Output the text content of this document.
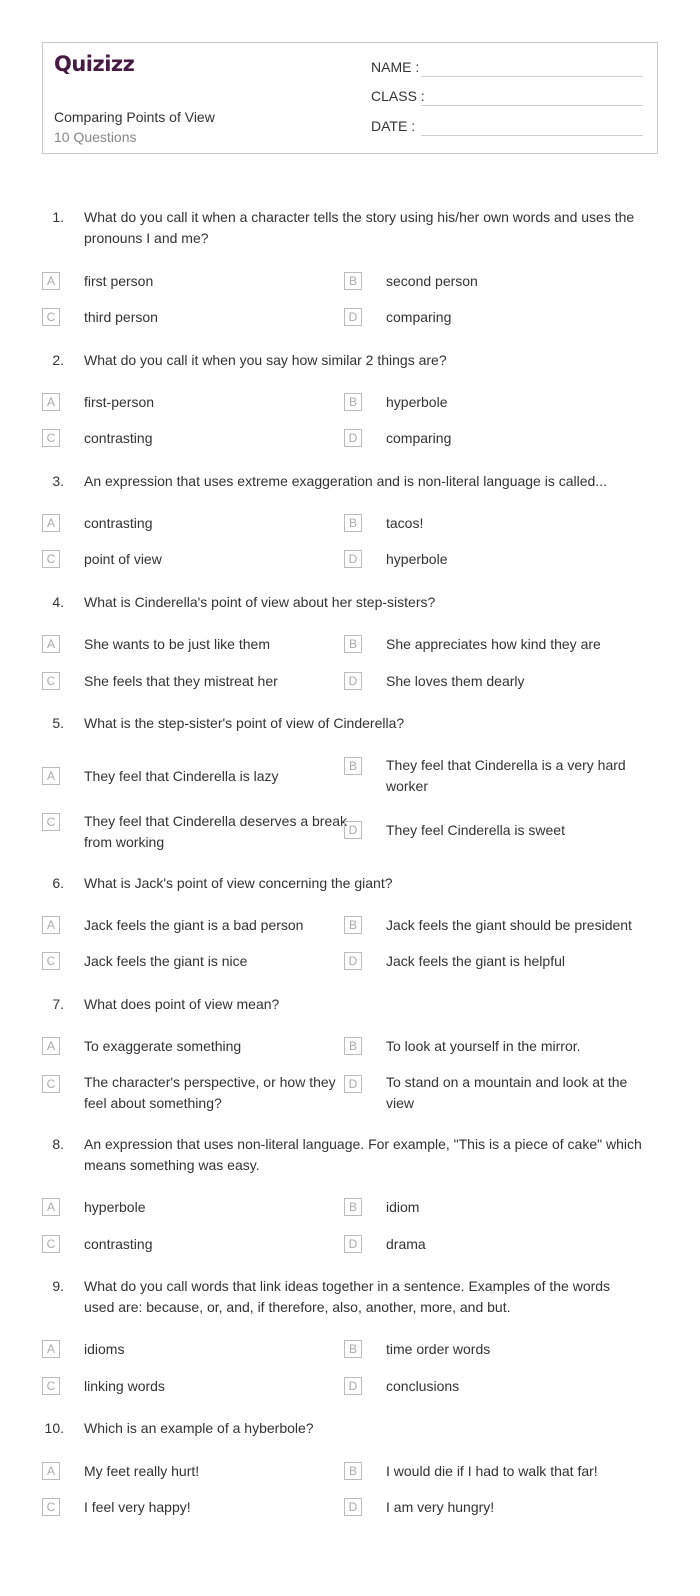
Quizizz
Comparing Points of View
10 Questions
NAME :
CLASS :
DATE :
1. What do you call it when a character tells the story using his/her own words and uses the pronouns I and me?
A	first person	B	second person
C	third person	D	comparing
2. What do you call it when you say how similar 2 things are?
A	first-person	B	hyperbole
C	contrasting	D	comparing
3. An expression that uses extreme exaggeration and is non-literal language is called...
A	contrasting	B	tacos!
C	point of view	D	hyperbole
4. What is Cinderella's point of view about her step-sisters?
A	She wants to be just like them	B	She appreciates how kind they are
C	She feels that they mistreat her	D	She loves them dearly
5. What is the step-sister's point of view of Cinderella?
A	They feel that Cinderella is lazy
B	They feel that Cinderella is a very hard worker
C	They feel that Cinderella deserves a break from working
D	They feel Cinderella is sweet
6. What is Jack's point of view concerning the giant?
A	Jack feels the giant is a bad person	B	Jack feels the giant should be president
C	Jack feels the giant is nice	D	Jack feels the giant is helpful
7. What does point of view mean?
A	To exaggerate something	B	To look at yourself in the mirror.
C	The character's perspective, or how they feel about something?
D	To stand on a mountain and look at the view
8. An expression that uses non-literal language. For example, "This is a piece of cake" which means something was easy.
A	hyperbole	B	idiom
C	contrasting	D	drama
9. What do you call words that link ideas together in a sentence. Examples of the words used are: because, or, and, if therefore, also, another, more, and but.
A	idioms	B	time order words
C	linking words	D	conclusions
10. Which is an example of a hyberbole?
A	My feet really hurt!	B	I would die if I had to walk that far!
C	I feel very happy!	D	I am very hungry!
